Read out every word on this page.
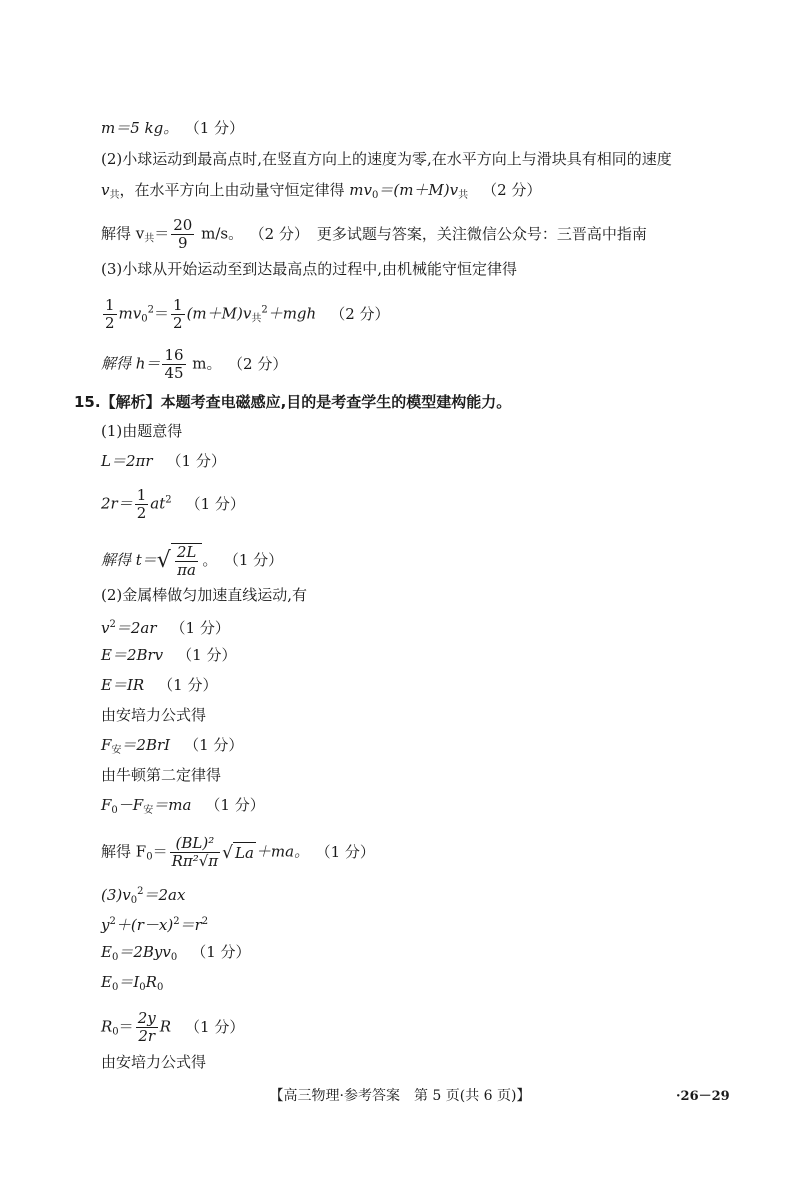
m＝5 kg。 （1 分）
(2)小球运动到最高点时,在竖直方向上的速度为零,在水平方向上与滑块具有相同的速度
$v_共$，在水平方向上由动量守恒定律得 $mv_0=(m+M)v_共$ （2 分）
解得 $v_共= \frac{20}{9} m/s$。 （2 分） 更多试题与答案，关注微信公众号：三晋高中指南
(3)小球从开始运动至到达最高点的过程中,由机械能守恒定律得
$\frac{1}{2} mv_0^2= \frac{1}{2} (m+M)v_共^2+mgh$ （2 分）
解得 $h= \frac{16}{45}$ m。 （2 分）
15.【解析】本题考查电磁感应,目的是考查学生的模型建构能力。
(1)由题意得
L＝2πr （1 分）
$2r= \frac{1}{2} at^2$ （1 分）
解得 $t=√ \frac{2L}{\pi a}$ 。 （1 分）
(2)金属棒做匀加速直线运动,有
$v^2=2ar$ （1 分）
E＝2Brv （1 分）
E＝IR （1 分）
由安培力公式得
$F_安=2BrI$ （1 分）
由牛顿第二定律得
$F_0-F_安=ma$ （1 分）
解得 $F_0= \frac{\text{(BL)²}}{\text{Rπ²√π}}$ √ La ＋ma。 （1 分）
$(3)v_0^2=2ax$
$y^2+(r-x)^2=r^2$
$E_0=2Byv_0$ （1 分）
$E_0=I_0R_0$
$R_0= \frac{2y}{2r}$ R （1 分）
由安培力公式得
【高三物理·参考答案　第 5 页(共 6 页)】	·26－29
